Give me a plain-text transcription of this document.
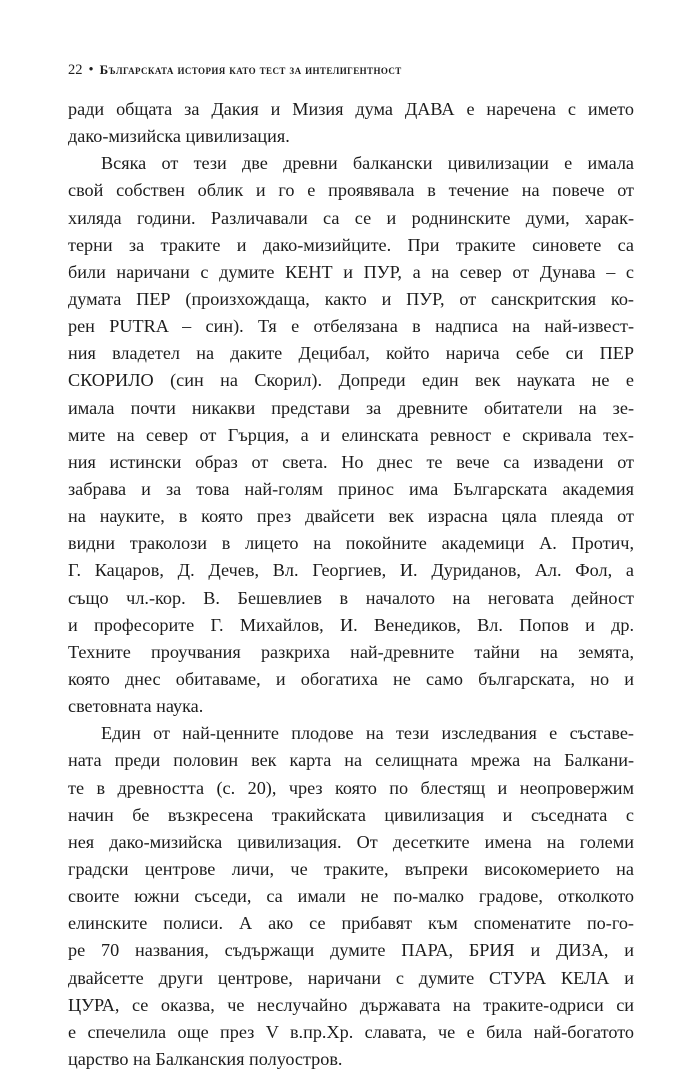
22 • Българската история като тест за интелигентност
ради общата за Дакия и Мизия дума ДАВА е наречена с името
дако-мизийска цивилизация.
Всяка от тези две древни балкански цивилизации е имала
свой собствен облик и го е проявявала в течение на повече от
хиляда години. Различавали са се и роднинските думи, харак-
терни за траките и дако-мизийците. При траките синовете са
били наричани с думите КЕНТ и ПУР, а на север от Дунава – с
думата ПЕР (произхождаща, както и ПУР, от санскритския ко-
рен PUTRA – син). Тя е отбелязана в надписа на най-извест-
ния владетел на даките Децибал, който нарича себе си ПЕР
СКОРИЛО (син на Скорил). Допреди един век науката не е
имала почти никакви представи за древните обитатели на зе-
мите на север от Гърция, а и елинската ревност е скривала тех-
ния истински образ от света. Но днес те вече са извадени от
забрава и за това най-голям принос има Българската академия
на науките, в която през двайсети век израсна цяла плеяда от
видни траколози в лицето на покойните академици А. Протич,
Г. Кацаров, Д. Дечев, Вл. Георгиев, И. Дуриданов, Ал. Фол, а
също чл.-кор. В. Бешевлиев в началото на неговата дейност
и професорите Г. Михайлов, И. Венедиков, Вл. Попов и др.
Техните проучвания разкриха най-древните тайни на земята,
която днес обитаваме, и обогатиха не само българската, но и
световната наука.
Един от най-ценните плодове на тези изследвания е съставе-
ната преди половин век карта на селищната мрежа на Балкани-
те в древността (с. 20), чрез която по блестящ и неопровержим
начин бе възкресена тракийската цивилизация и съседната с
нея дако-мизийска цивилизация. От десетките имена на големи
градски центрове личи, че траките, въпреки високомерието на
своите южни съседи, са имали не по-малко градове, отколкото
елинските полиси. А ако се прибавят към споменатите по-го-
ре 70 названия, съдържащи думите ПАРА, БРИЯ и ДИЗА, и
двайсетте други центрове, наричани с думите СТУРА КЕЛА и
ЦУРА, се оказва, че неслучайно държавата на траките-одриси си
е спечелила още през V в.пр.Хр. славата, че е била най-богатото
царство на Балканския полуостров.
